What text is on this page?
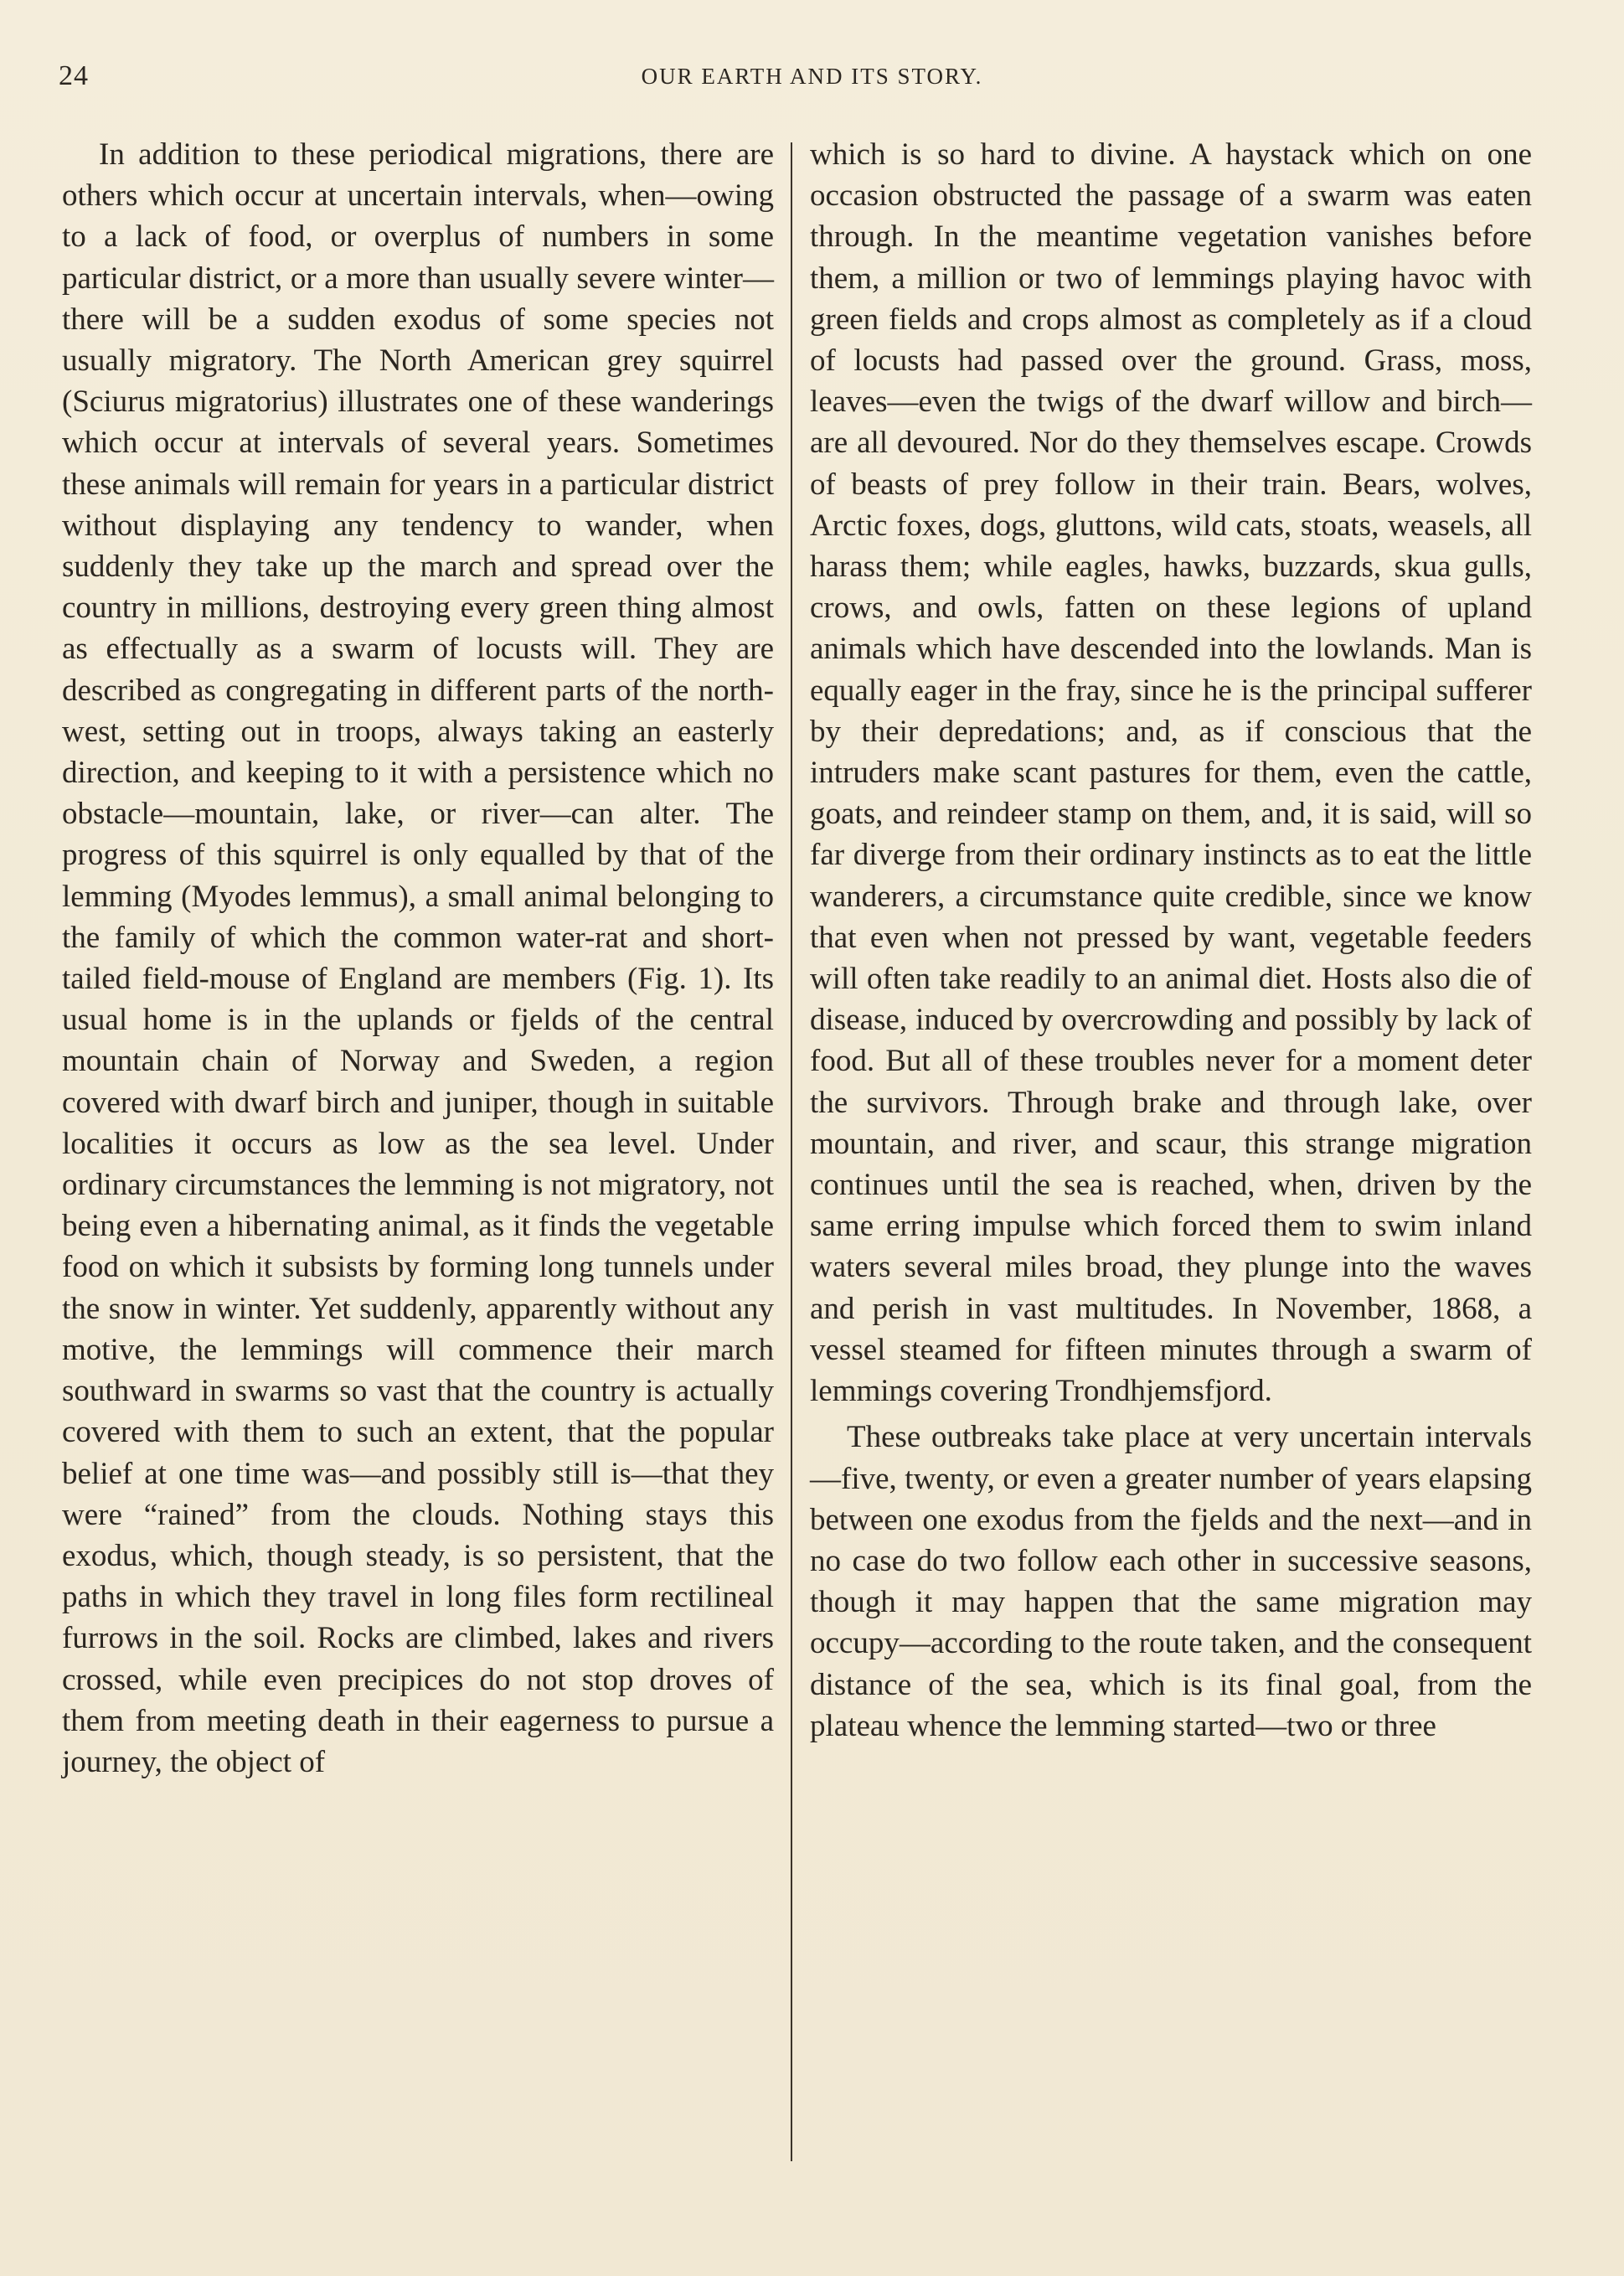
24	OUR EARTH AND ITS STORY.

In addition to these periodical migrations, there are others which occur at uncertain intervals, when—owing to a lack of food, or overplus of numbers in some particular district, or a more than usually severe winter—there will be a sudden exodus of some species not usually migratory. The North American grey squirrel (Sciurus migratorius) illustrates one of these wanderings which occur at intervals of several years. Sometimes these animals will remain for years in a particular district without displaying any tendency to wander, when suddenly they take up the march and spread over the country in millions, destroying every green thing almost as effectually as a swarm of locusts will. They are described as congregating in different parts of the north-west, setting out in troops, always taking an easterly direction, and keeping to it with a persistence which no obstacle—mountain, lake, or river—can alter. The progress of this squirrel is only equalled by that of the lemming (Myodes lemmus), a small animal belonging to the family of which the common water-rat and short-tailed field-mouse of England are members (Fig. 1). Its usual home is in the uplands or fjelds of the central mountain chain of Norway and Sweden, a region covered with dwarf birch and juniper, though in suitable localities it occurs as low as the sea level. Under ordinary circumstances the lemming is not migratory, not being even a hibernating animal, as it finds the vegetable food on which it subsists by forming long tunnels under the snow in winter. Yet suddenly, apparently without any motive, the lemmings will commence their march southward in swarms so vast that the country is actually covered with them to such an extent, that the popular belief at one time was—and possibly still is—that they were “rained” from the clouds. Nothing stays this exodus, which, though steady, is so persistent, that the paths in which they travel in long files form rectilineal furrows in the soil. Rocks are climbed, lakes and rivers crossed, while even precipices do not stop droves of them from meeting death in their eagerness to pursue a journey, the object of

which is so hard to divine. A haystack which on one occasion obstructed the passage of a swarm was eaten through. In the meantime vegetation vanishes before them, a million or two of lemmings playing havoc with green fields and crops almost as completely as if a cloud of locusts had passed over the ground. Grass, moss, leaves—even the twigs of the dwarf willow and birch—are all devoured. Nor do they themselves escape. Crowds of beasts of prey follow in their train. Bears, wolves, Arctic foxes, dogs, gluttons, wild cats, stoats, weasels, all harass them; while eagles, hawks, buzzards, skua gulls, crows, and owls, fatten on these legions of upland animals which have descended into the lowlands. Man is equally eager in the fray, since he is the principal sufferer by their depredations; and, as if conscious that the intruders make scant pastures for them, even the cattle, goats, and reindeer stamp on them, and, it is said, will so far diverge from their ordinary instincts as to eat the little wanderers, a circumstance quite credible, since we know that even when not pressed by want, vegetable feeders will often take readily to an animal diet. Hosts also die of disease, induced by overcrowding and possibly by lack of food. But all of these troubles never for a moment deter the survivors. Through brake and through lake, over mountain, and river, and scaur, this strange migration continues until the sea is reached, when, driven by the same erring impulse which forced them to swim inland waters several miles broad, they plunge into the waves and perish in vast multitudes. In November, 1868, a vessel steamed for fifteen minutes through a swarm of lemmings covering Trondhjemsfjord.

These outbreaks take place at very uncertain intervals—five, twenty, or even a greater number of years elapsing between one exodus from the fjelds and the next—and in no case do two follow each other in successive seasons, though it may happen that the same migration may occupy—according to the route taken, and the consequent distance of the sea, which is its final goal, from the plateau whence the lemming started—two or three
